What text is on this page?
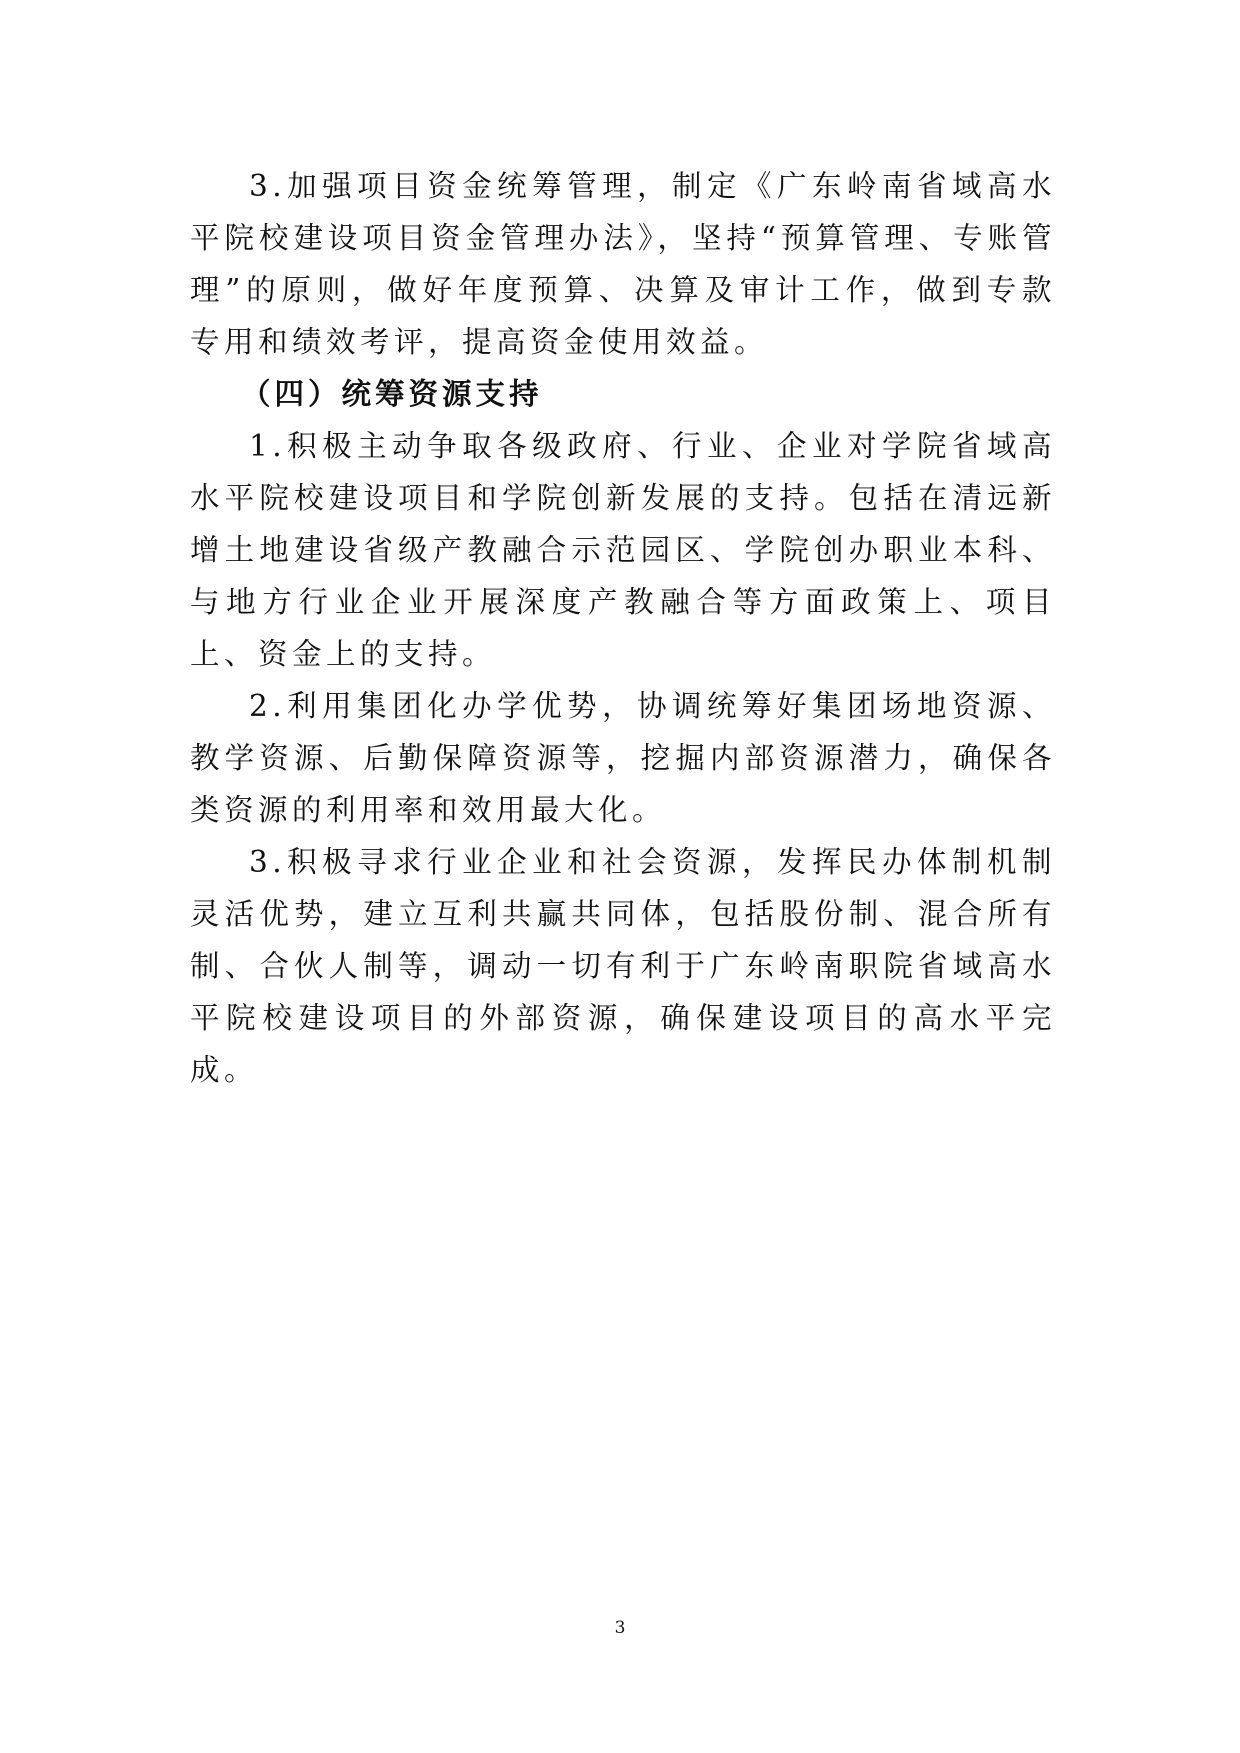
3.加强项目资金统筹管理，制定《广东岭南省域高水平院校建设项目资金管理办法》，坚持“预算管理、专账管理”的原则，做好年度预算、决算及审计工作，做到专款专用和绩效考评，提高资金使用效益。

（四）统筹资源支持

1.积极主动争取各级政府、行业、企业对学院省域高水平院校建设项目和学院创新发展的支持。包括在清远新增土地建设省级产教融合示范园区、学院创办职业本科、与地方行业企业开展深度产教融合等方面政策上、项目上、资金上的支持。

2.利用集团化办学优势，协调统筹好集团场地资源、教学资源、后勤保障资源等，挖掘内部资源潜力，确保各类资源的利用率和效用最大化。

3.积极寻求行业企业和社会资源，发挥民办体制机制灵活优势，建立互利共赢共同体，包括股份制、混合所有制、合伙人制等，调动一切有利于广东岭南职院省域高水平院校建设项目的外部资源，确保建设项目的高水平完成。

3
